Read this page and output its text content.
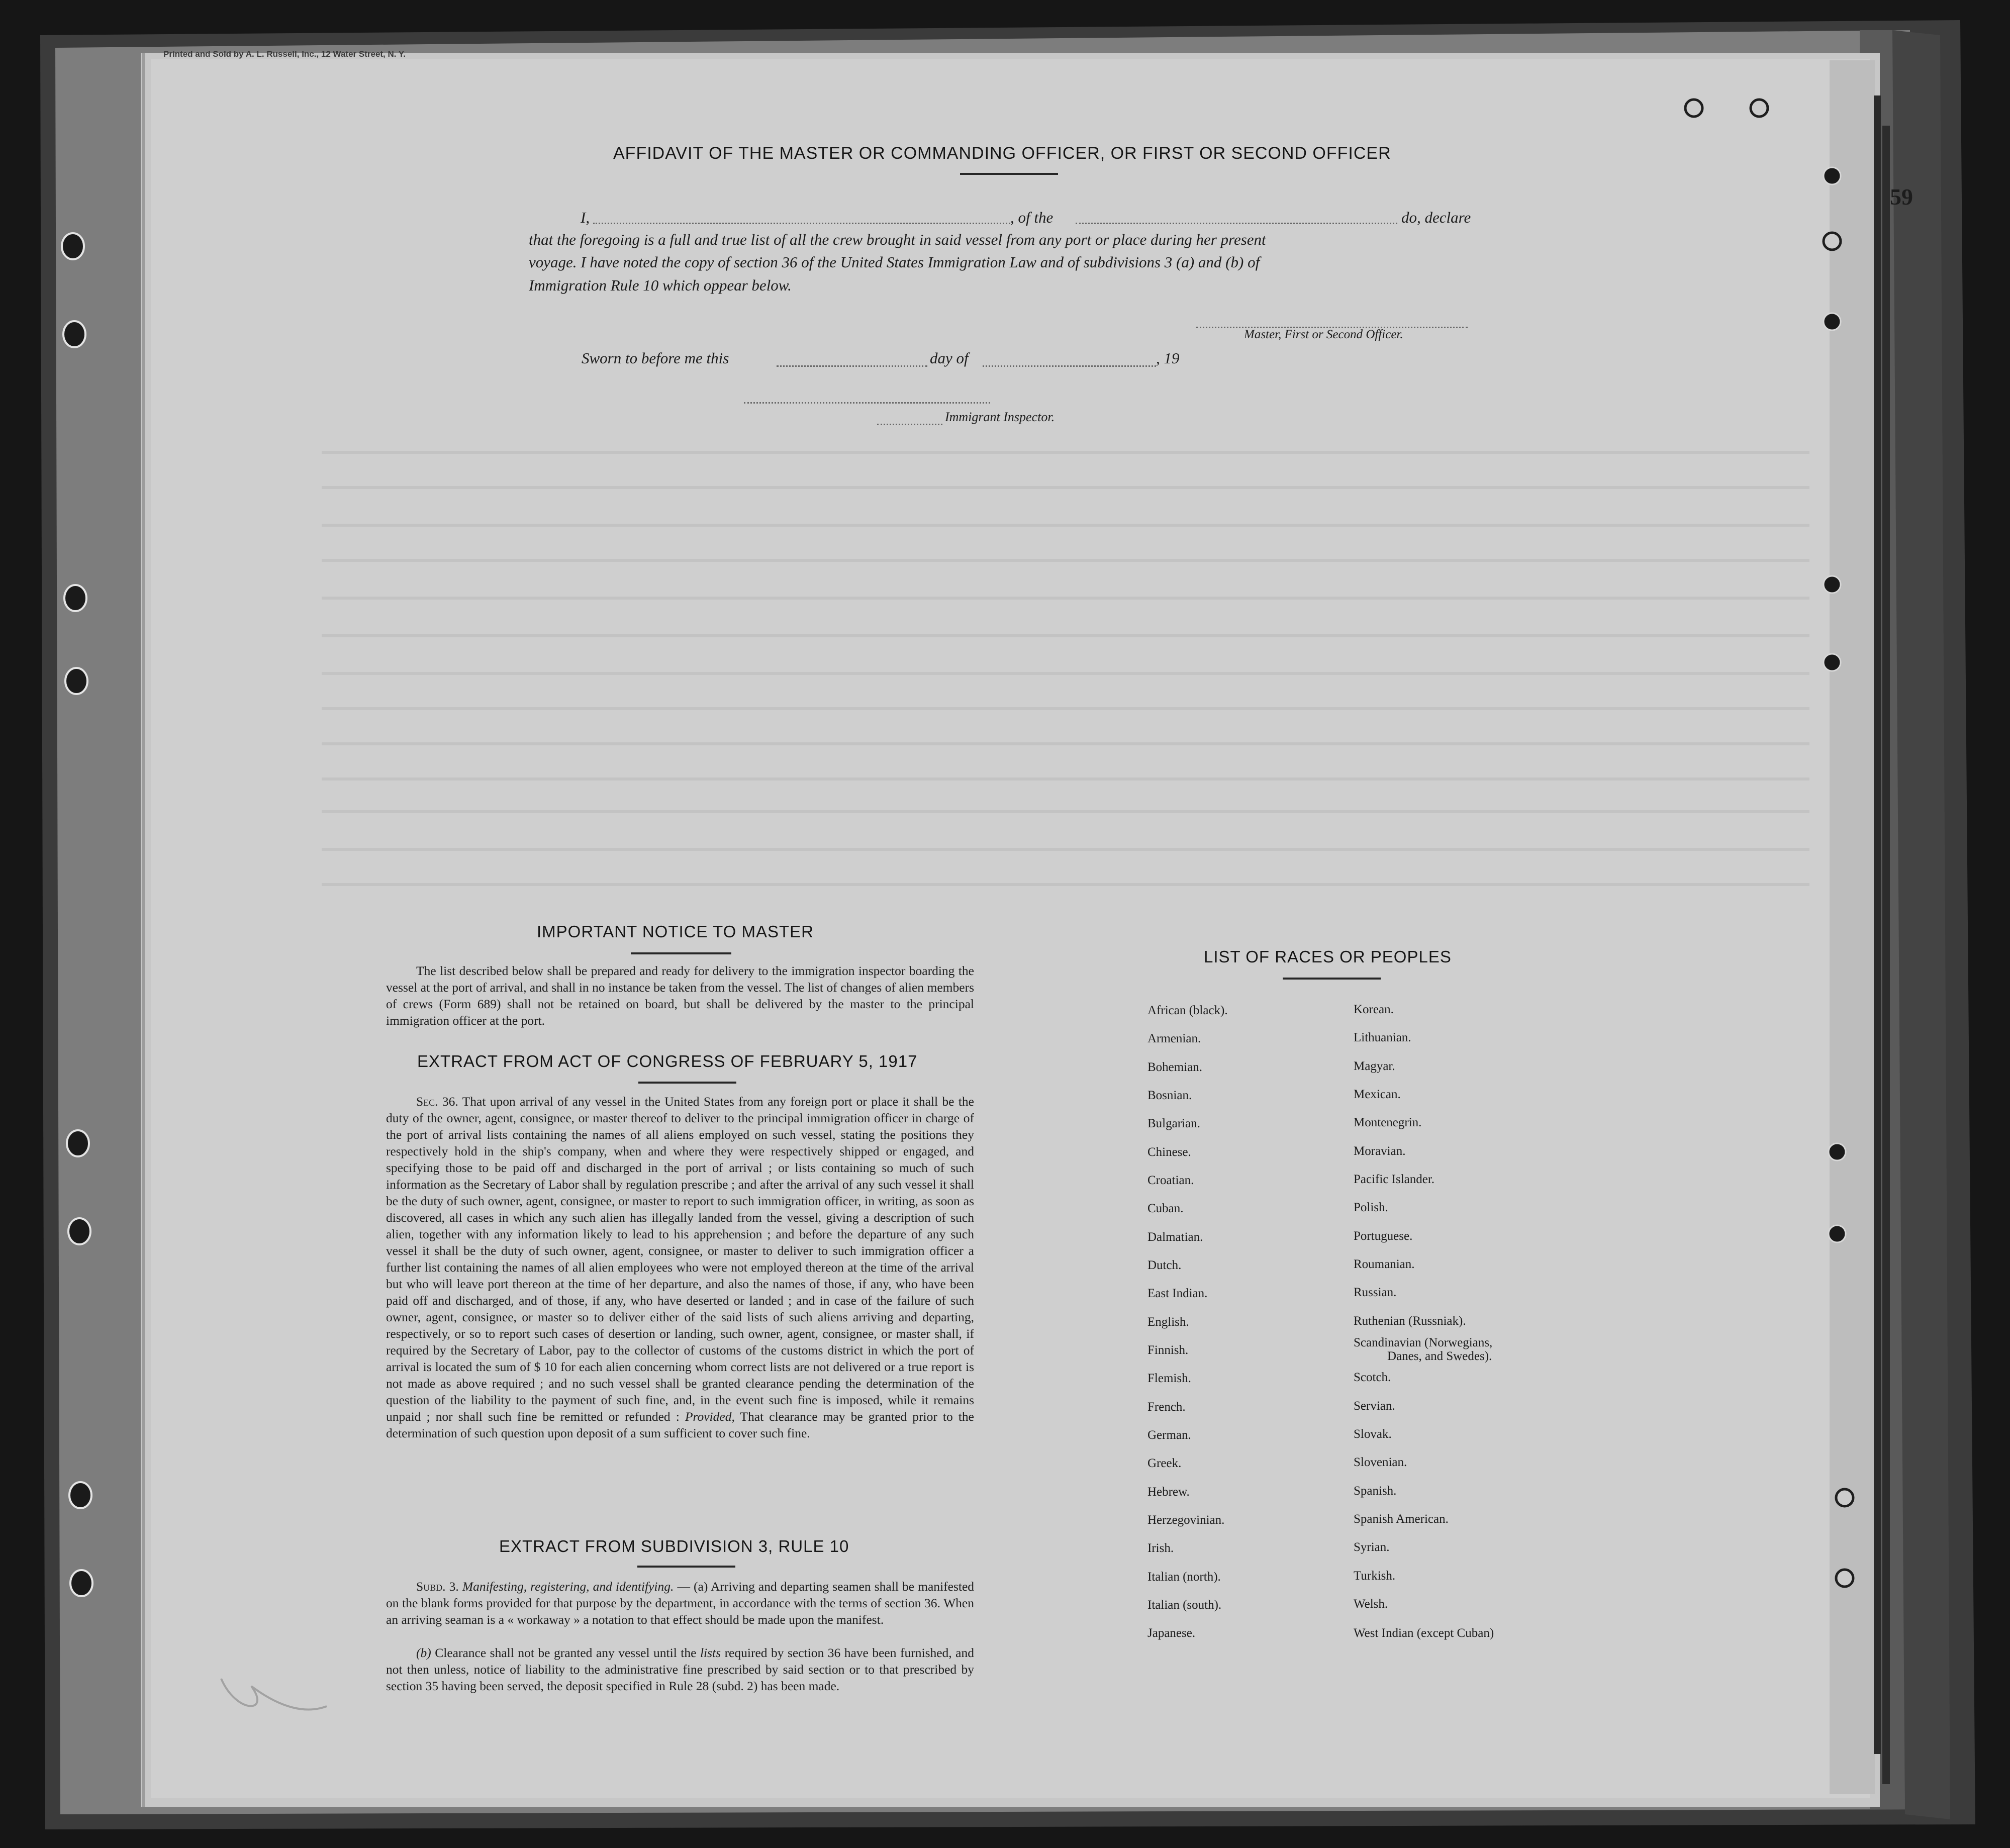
Printed and Sold by A. L. Russell, Inc., 12 Water Street, N. Y.
59
AFFIDAVIT OF THE MASTER OR COMMANDING OFFICER, OR FIRST OR SECOND OFFICER
I,	, of the	do, declare
that the foregoing is a full and true list of all the crew brought in said vessel from any port or place during her present
voyage. I have noted the copy of section 36 of the United States Immigration Law and of subdivisions 3 (a) and (b) of
Immigration Rule 10 which oppear below.
Master, First or Second Officer.
Sworn to before me this	day of	, 19
Immigrant Inspector.
IMPORTANT NOTICE TO MASTER
The list described below shall be prepared and ready for delivery to the immigration inspector boarding the vessel at the port of arrival, and shall in no instance be taken from the vessel. The list of changes of alien members of crews (Form 689) shall not be retained on board, but shall be delivered by the master to the principal immigration officer at the port.
EXTRACT FROM ACT OF CONGRESS OF FEBRUARY 5, 1917
Sec. 36. That upon arrival of any vessel in the United States from any foreign port or place it shall be the duty of the owner, agent, consignee, or master thereof to deliver to the principal immigration officer in charge of the port of arrival lists containing the names of all aliens employed on such vessel, stating the positions they respectively hold in the ship's company, when and where they were respectively shipped or engaged, and specifying those to be paid off and discharged in the port of arrival ; or lists containing so much of such information as the Secretary of Labor shall by regulation prescribe ; and after the arrival of any such vessel it shall be the duty of such owner, agent, consignee, or master to report to such immigration officer, in writing, as soon as discovered, all cases in which any such alien has illegally landed from the vessel, giving a description of such alien, together with any information likely to lead to his apprehension ; and before the departure of any such vessel it shall be the duty of such owner, agent, consignee, or master to deliver to such immigration officer a further list containing the names of all alien employees who were not employed thereon at the time of the arrival but who will leave port thereon at the time of her departure, and also the names of those, if any, who have been paid off and discharged, and of those, if any, who have deserted or landed ; and in case of the failure of such owner, agent, consignee, or master so to deliver either of the said lists of such aliens arriving and departing, respectively, or so to report such cases of desertion or landing, such owner, agent, consignee, or master shall, if required by the Secretary of Labor, pay to the collector of customs of the customs district in which the port of arrival is located the sum of $ 10 for each alien concerning whom correct lists are not delivered or a true report is not made as above required ; and no such vessel shall be granted clearance pending the determination of the question of the liability to the payment of such fine, and, in the event such fine is imposed, while it remains unpaid ; nor shall such fine be remitted or refunded : Provided, That clearance may be granted prior to the determination of such question upon deposit of a sum sufficient to cover such fine.
EXTRACT FROM SUBDIVISION 3, RULE 10
Subd. 3. Manifesting, registering, and identifying. — (a) Arriving and departing seamen shall be manifested on the blank forms provided for that purpose by the department, in accordance with the terms of section 36. When an arriving seaman is a « workaway » a notation to that effect should be made upon the manifest.
(b) Clearance shall not be granted any vessel until the lists required by section 36 have been furnished, and not then unless, notice of liability to the administrative fine prescribed by said section or to that prescribed by section 35 having been served, the deposit specified in Rule 28 (subd. 2) has been made.
LIST OF RACES OR PEOPLES
African (black).
Armenian.
Bohemian.
Bosnian.
Bulgarian.
Chinese.
Croatian.
Cuban.
Dalmatian.
Dutch.
East Indian.
English.
Finnish.
Flemish.
French.
German.
Greek.
Hebrew.
Herzegovinian.
Irish.
Italian (north).
Italian (south).
Japanese.
Korean.
Lithuanian.
Magyar.
Mexican.
Montenegrin.
Moravian.
Pacific Islander.
Polish.
Portuguese.
Roumanian.
Russian.
Ruthenian (Russniak).
Scandinavian (Norwegians,
Danes, and Swedes).
Scotch.
Servian.
Slovak.
Slovenian.
Spanish.
Spanish American.
Syrian.
Turkish.
Welsh.
West Indian (except Cuban)
